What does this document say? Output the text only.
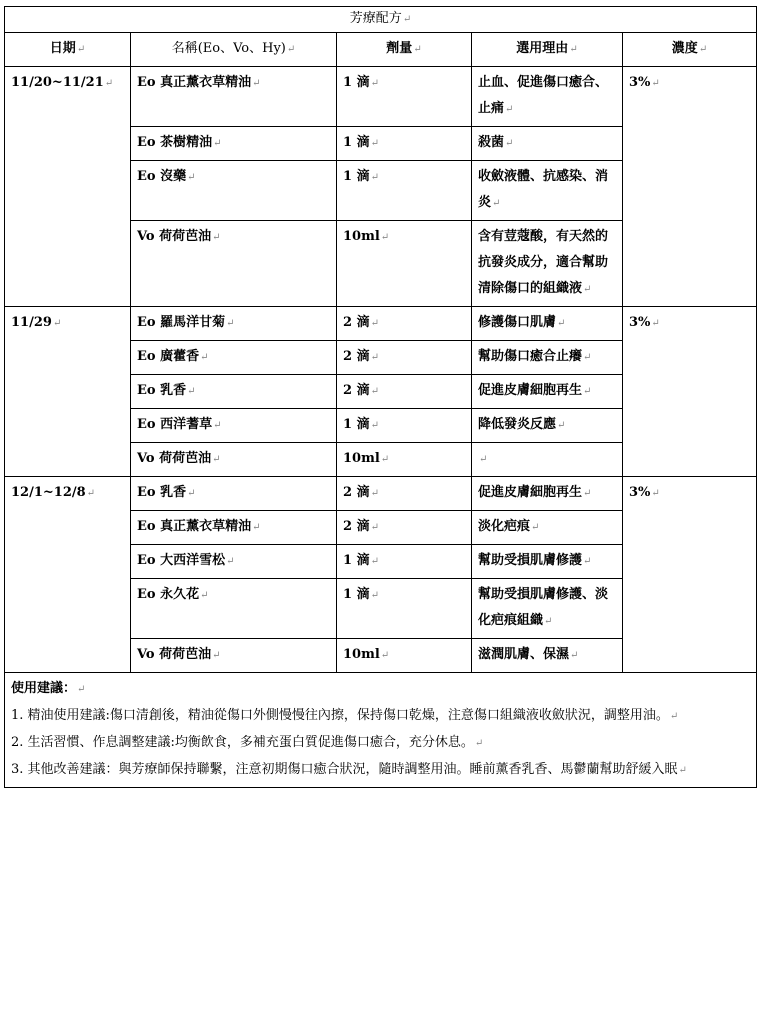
芳療配方↵				
日期↵	名稱(Eo、Vo、Hy)↵	劑量↵	選用理由↵	濃度↵
11/20~11/21↵	Eo 真正薰衣草精油↵	1 滴↵	止血、促進傷口癒合、止痛↵	3%↵
	Eo 茶樹精油↵	1 滴↵	殺菌↵	
	Eo 沒藥↵	1 滴↵	收斂液體、抗感染、消炎↵	
	Vo 荷荷芭油↵	10ml↵	含有荳蔻酸，有天然的抗發炎成分，適合幫助清除傷口的組織液↵	
11/29↵	Eo 羅馬洋甘菊↵	2 滴↵	修護傷口肌膚↵	3%↵
	Eo 廣藿香↵	2 滴↵	幫助傷口癒合止癢↵	
	Eo 乳香↵	2 滴↵	促進皮膚細胞再生↵	
	Eo 西洋蓍草↵	1 滴↵	降低發炎反應↵	
	Vo 荷荷芭油↵	10ml↵	↵	
12/1~12/8↵	Eo 乳香↵	2 滴↵	促進皮膚細胞再生↵	3%↵
	Eo 真正薰衣草精油↵	2 滴↵	淡化疤痕↵	
	Eo 大西洋雪松↵	1 滴↵	幫助受損肌膚修護↵	
	Eo 永久花↵	1 滴↵	幫助受損肌膚修護、淡化疤痕組織↵	
	Vo 荷荷芭油↵	10ml↵	滋潤肌膚、保濕↵	

使用建議：↵
1. 精油使用建議:傷口清創後，精油從傷口外側慢慢往內擦，保持傷口乾燥，注意傷口組織液收斂狀況，調整用油。↵
2. 生活習慣、作息調整建議:均衡飲食，多補充蛋白質促進傷口癒合，充分休息。↵
3. 其他改善建議：與芳療師保持聯繫，注意初期傷口癒合狀況，隨時調整用油。睡前薰香乳香、馬鬱蘭幫助舒緩入眠↵				
